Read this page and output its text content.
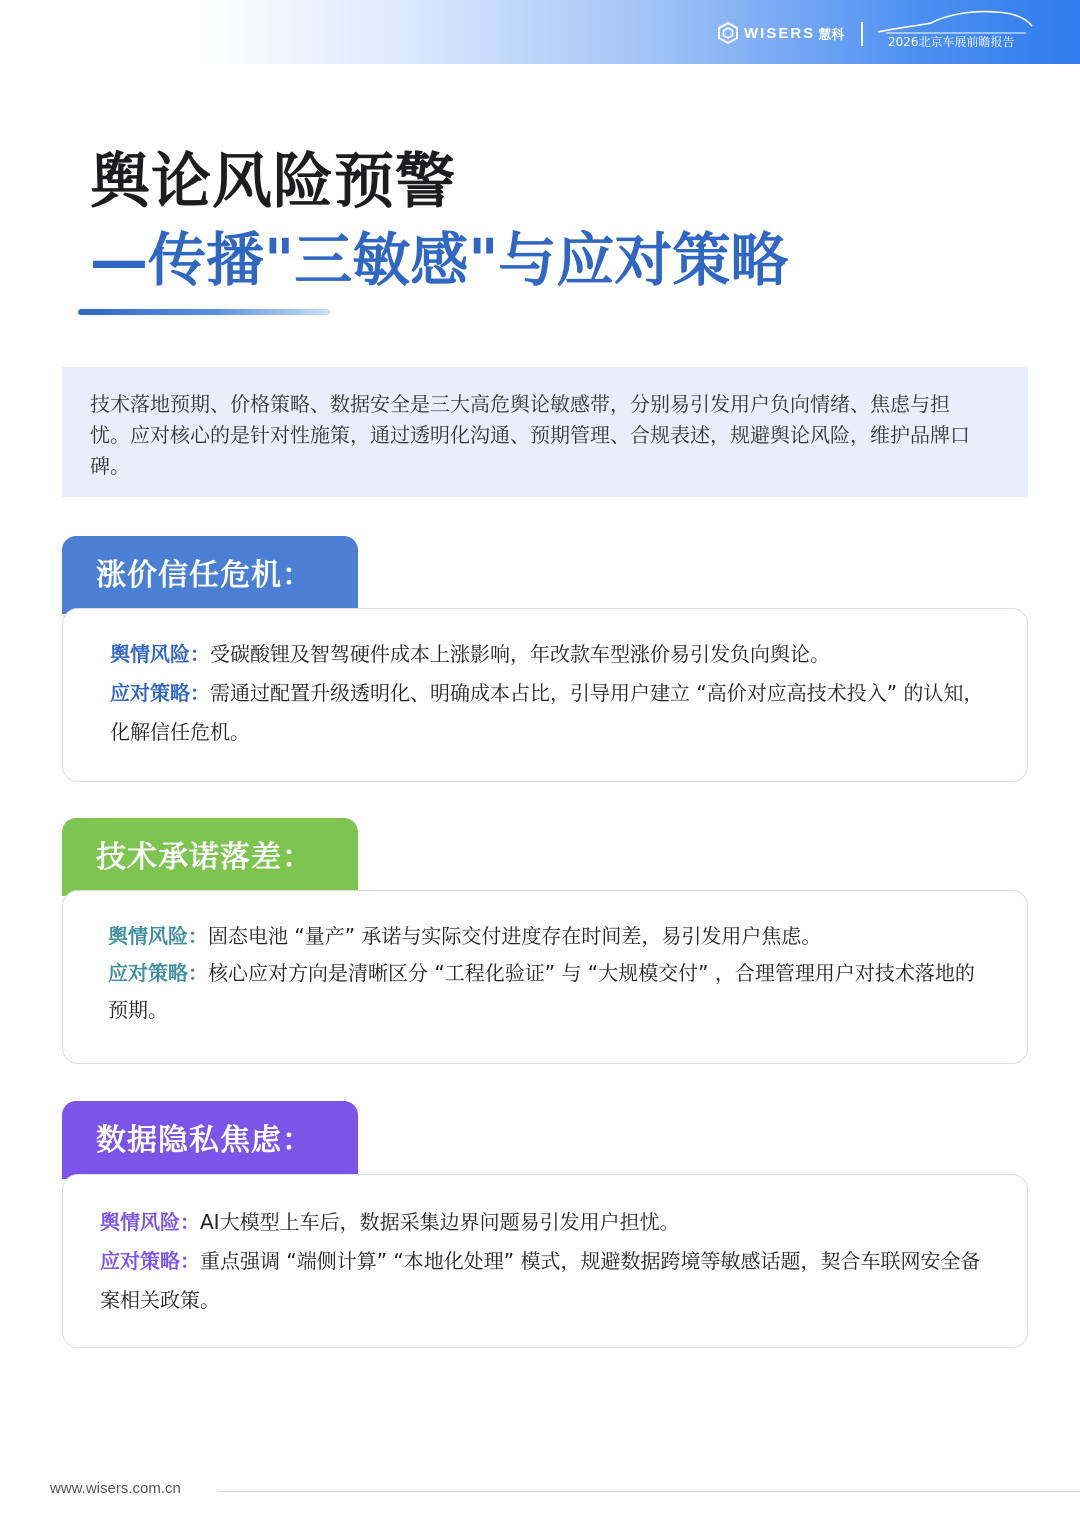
WISERS 慧科	2026北京车展前瞻报告
舆论风险预警
—传播"三敏感"与应对策略
技术落地预期、价格策略、数据安全是三大高危舆论敏感带，分别易引发用户负向情绪、焦虑与担忧。应对核心的是针对性施策，通过透明化沟通、预期管理、合规表述，规避舆论风险，维护品牌口碑。
涨价信任危机：

舆情风险：受碳酸锂及智驾硬件成本上涨影响，年改款车型涨价易引发负向舆论。

应对策略：需通过配置升级透明化、明确成本占比，引导用户建立 “高价对应高技术投入” 的认知，化解信任危机。

技术承诺落差：

舆情风险：固态电池 “量产” 承诺与实际交付进度存在时间差，易引发用户焦虑。

应对策略：核心应对方向是清晰区分 “工程化验证” 与 “大规模交付” ，合理管理用户对技术落地的预期。

数据隐私焦虑：

舆情风险：AI大模型上车后，数据采集边界问题易引发用户担忧。

应对策略：重点强调 “端侧计算” “本地化处理” 模式，规避数据跨境等敏感话题，契合车联网安全备案相关政策。

www.wisers.com.cn
